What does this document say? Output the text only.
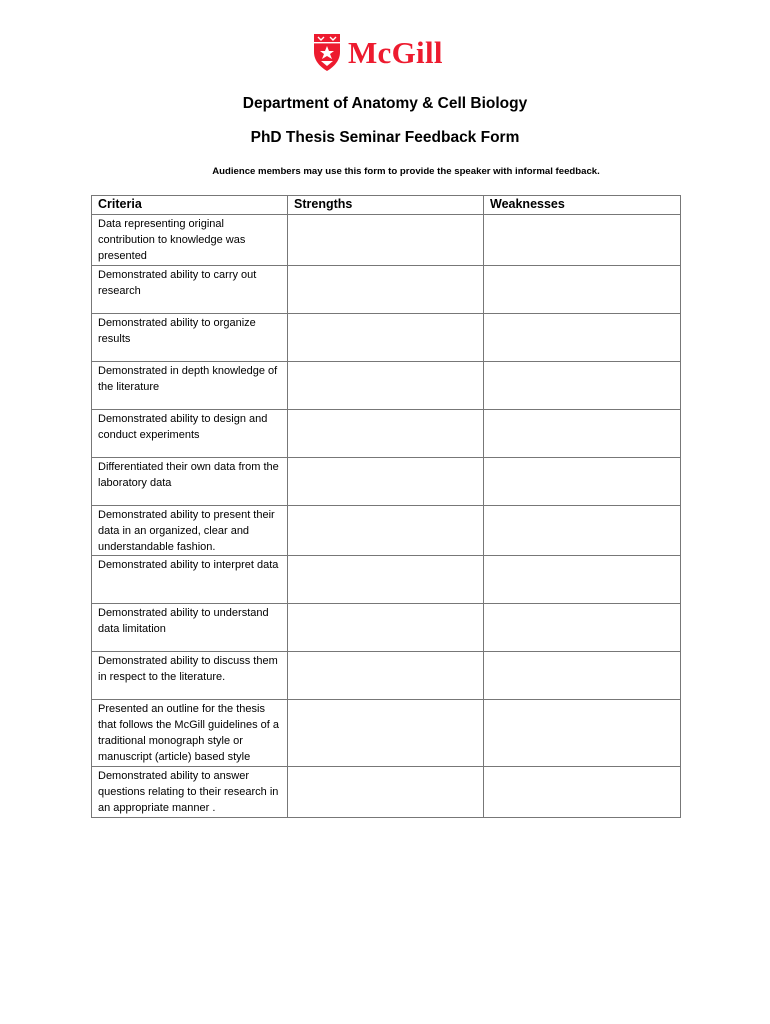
McGill
Department of Anatomy & Cell Biology
PhD Thesis Seminar Feedback Form
Audience members may use this form to provide the speaker with informal feedback.
Criteria	Strengths	Weaknesses
Data representing original contribution to knowledge was presented		
Demonstrated ability to carry out research		
Demonstrated ability to organize results		
Demonstrated in depth knowledge of the literature		
Demonstrated ability to design and conduct experiments		
Differentiated their own data from the laboratory data		
Demonstrated ability to present their data in an organized, clear and understandable fashion.		
Demonstrated ability to interpret data		
Demonstrated ability to understand data limitation		
Demonstrated ability to discuss them in respect to the literature.		
Presented an outline for the thesis that follows the McGill guidelines of a traditional monograph style or manuscript (article) based style		
Demonstrated ability to answer questions relating to their research in an appropriate manner .		
